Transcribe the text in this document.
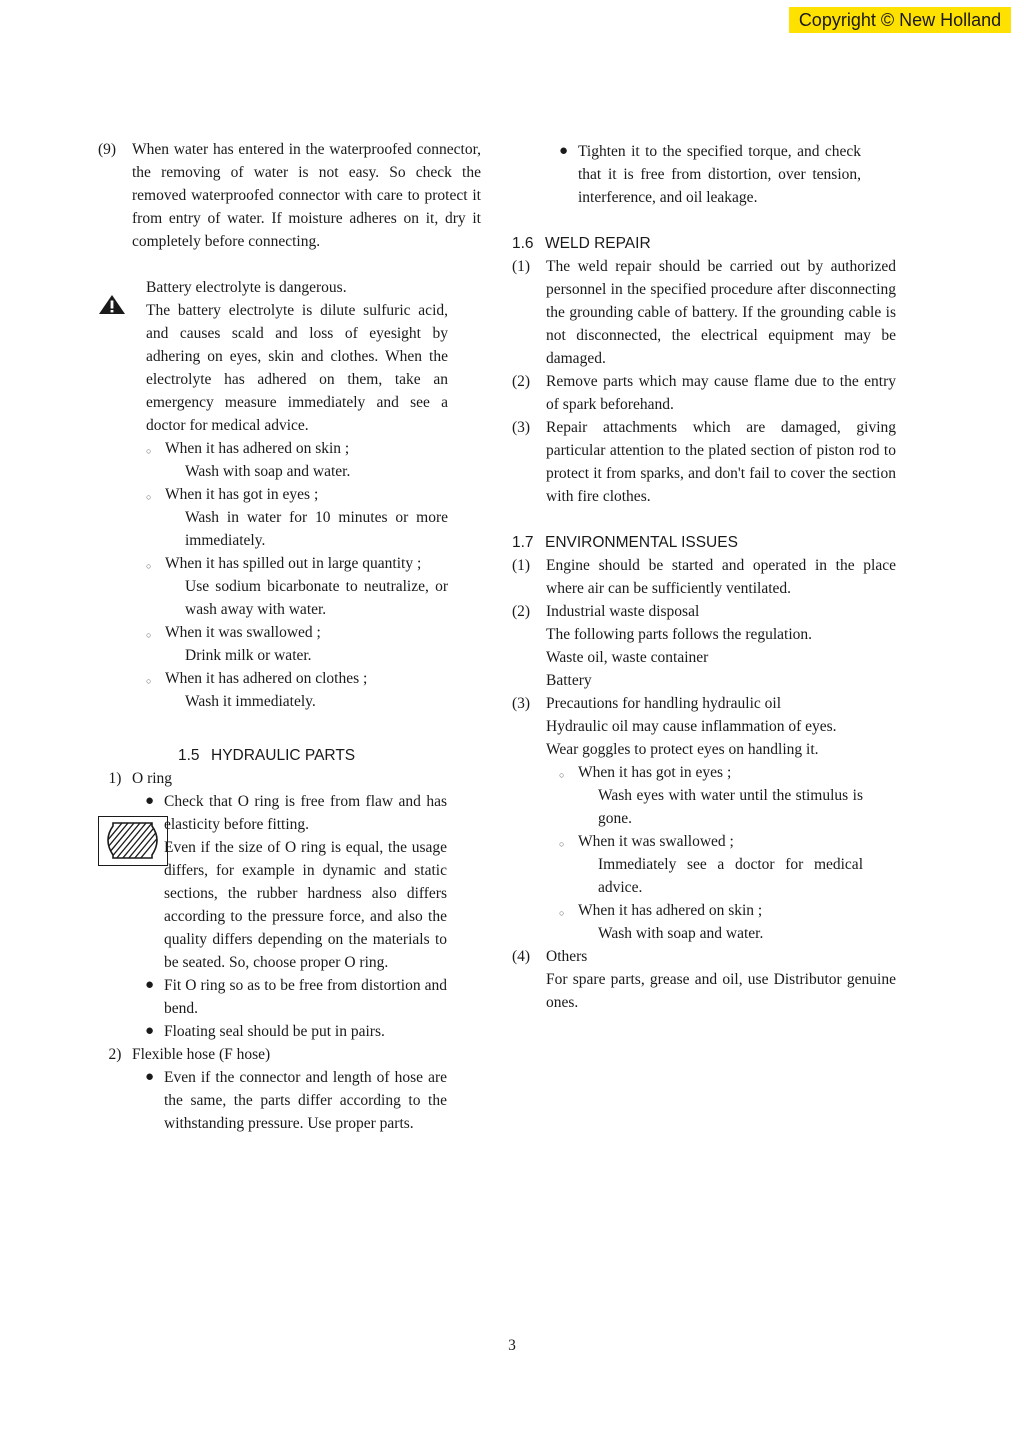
Copyright © New Holland
(9)	When water has entered in the waterproofed connector, the removing of water is not easy. So check the removed waterproofed connector with care to protect it from entry of water. If moisture adheres on it, dry it completely before connecting.

Battery electrolyte is dangerous.

The battery electrolyte is dilute sulfuric acid, and causes scald and loss of eyesight by adhering on eyes, skin and clothes. When the electrolyte has adhered on them, take an emergency measure immediately and see a doctor for medical advice.

○ When it has adhered on skin ;

Wash with soap and water.

○ When it has got in eyes ;

Wash in water for 10 minutes or more immediately.

○ When it has spilled out in large quantity ;

Use sodium bicarbonate to neutralize, or wash away with water.

○ When it was swallowed ;

Drink milk or water.

○ When it has adhered on clothes ;

Wash it immediately.

1.5 HYDRAULIC PARTS
1) O ring

● Check that O ring is free from flaw and has elasticity before fitting.

Even if the size of O ring is equal, the usage differs, for example in dynamic and static sections, the rubber hardness also differs according to the pressure force, and also the quality differs depending on the materials to be seated. So, choose proper O ring.

● Fit O ring so as to be free from distortion and bend.

● Floating seal should be put in pairs.

2) Flexible hose (F hose)

● Even if the connector and length of hose are the same, the parts differ according to the withstanding pressure. Use proper parts.

● Tighten it to the specified torque, and check that it is free from distortion, over tension, interference, and oil leakage.

1.6 WELD REPAIR
(1)	The weld repair should be carried out by authorized personnel in the specified procedure after disconnecting the grounding cable of battery. If the grounding cable is not disconnected, the electrical equipment may be damaged.

(2)	Remove parts which may cause flame due to the entry of spark beforehand.

(3)	Repair attachments which are damaged, giving particular attention to the plated section of piston rod to protect it from sparks, and don't fail to cover the section with fire clothes.

1.7 ENVIRONMENTAL ISSUES
(1)	Engine should be started and operated in the place where air can be sufficiently ventilated.

(2)	Industrial waste disposal

The following parts follows the regulation.

Waste oil, waste container

Battery

(3)	Precautions for handling hydraulic oil

Hydraulic oil may cause inflammation of eyes.

Wear goggles to protect eyes on handling it.

○ When it has got in eyes ;

Wash eyes with water until the stimulus is gone.

○ When it was swallowed ;

Immediately see a doctor for medical advice.

○ When it has adhered on skin ;

Wash with soap and water.

(4)	Others

For spare parts, grease and oil, use Distributor genuine ones.

3
